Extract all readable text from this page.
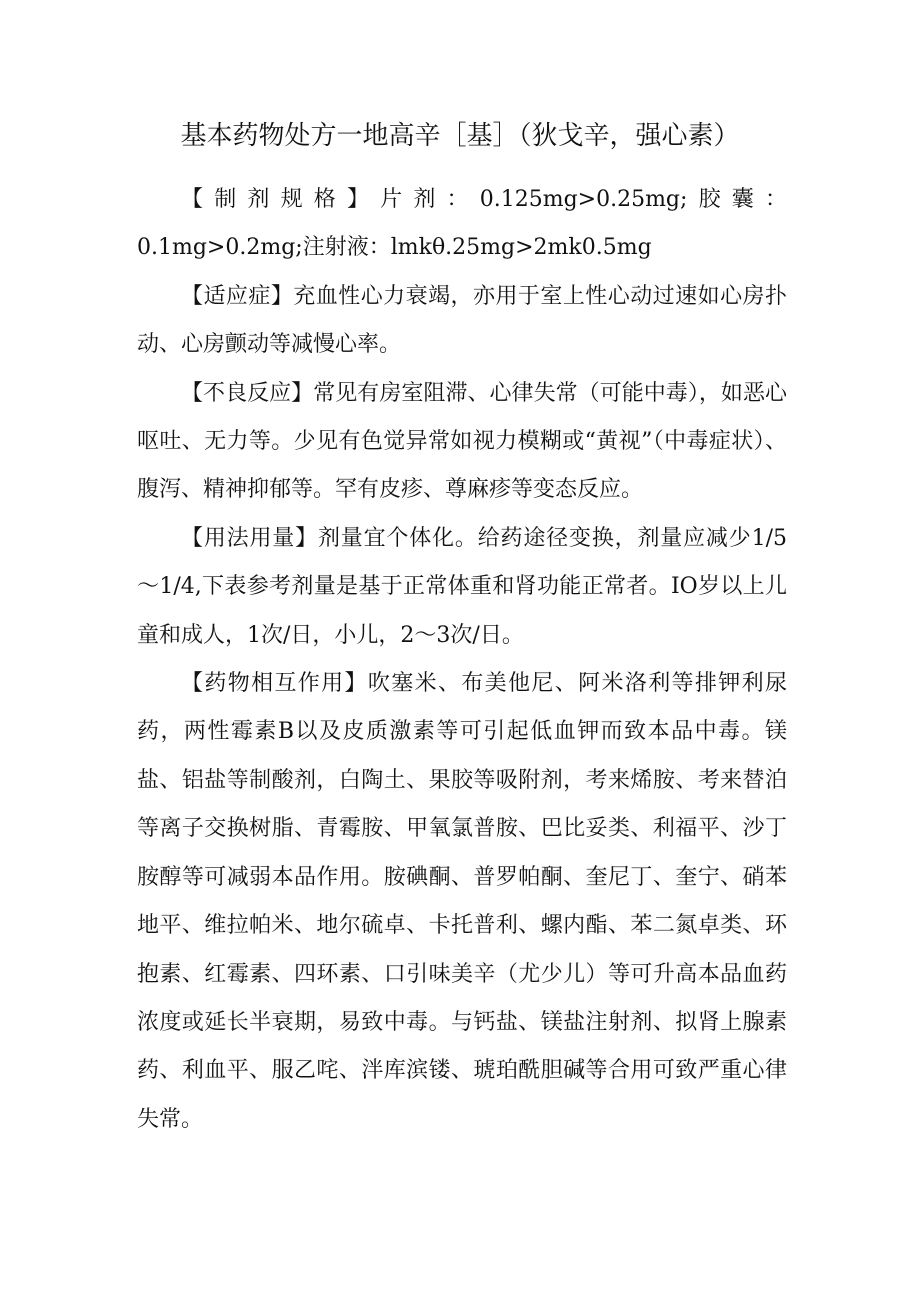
基本药物处方一地高辛［基］（狄戈辛，强心素）

【制剂规格】片剂：0.125mg>0.25mg;胶囊：0.1mg>0.2mg;注射液：lmkθ.25mg>2mk0.5mg

【适应症】充血性心力衰竭，亦用于室上性心动过速如心房扑动、心房颤动等减慢心率。

【不良反应】常见有房室阻滞、心律失常（可能中毒），如恶心呕吐、无力等。少见有色觉异常如视力模糊或“黄视”（中毒症状）、腹泻、精神抑郁等。罕有皮疹、尊麻疹等变态反应。

【用法用量】剂量宜个体化。给药途径变换，剂量应减少1/5～1/4,下表参考剂量是基于正常体重和肾功能正常者。IO岁以上儿童和成人，1次/日，小儿，2～3次/日。

【药物相互作用】吹塞米、布美他尼、阿米洛利等排钾利尿药，两性霉素B以及皮质激素等可引起低血钾而致本品中毒。镁盐、铝盐等制酸剂，白陶土、果胶等吸附剂，考来烯胺、考来替泊等离子交换树脂、青霉胺、甲氧氯普胺、巴比妥类、利福平、沙丁胺醇等可减弱本品作用。胺碘酮、普罗帕酮、奎尼丁、奎宁、硝苯地平、维拉帕米、地尔硫卓、卡托普利、螺内酯、苯二氮卓类、环抱素、红霉素、四环素、口引味美辛（尤少儿）等可升高本品血药浓度或延长半衰期，易致中毒。与钙盐、镁盐注射剂、拟肾上腺素药、利血平、服乙咤、泮库滨镂、琥珀酰胆碱等合用可致严重心律失常。
